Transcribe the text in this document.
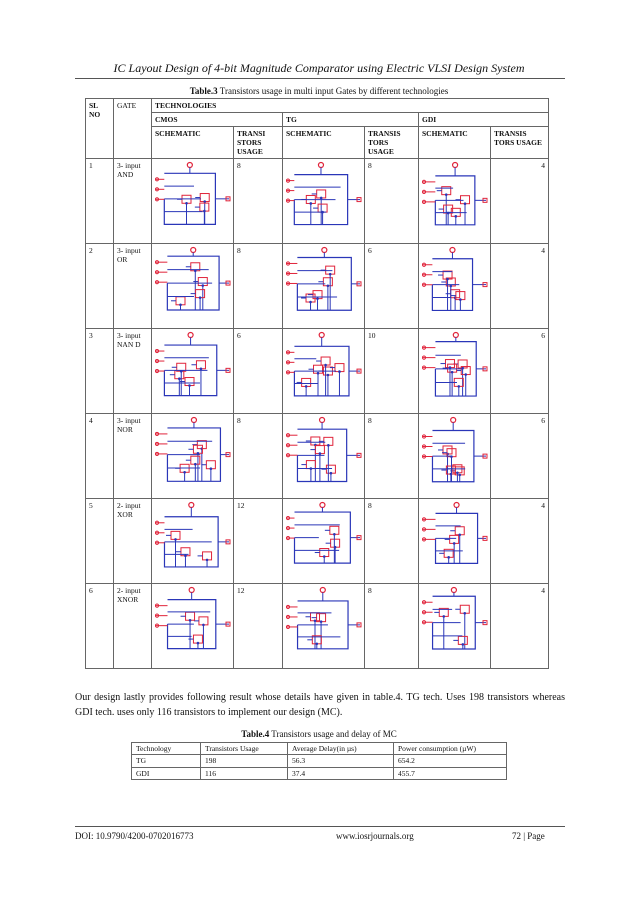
IC Layout Design of 4-bit Magnitude Comparator using Electric VLSI Design System
Table.3 Transistors usage in multi input Gates by different technologies
SL NO	GATE	TECHNOLOGIES					
		CMOS		TG		GDI	
		SCHEMATIC	TRANSI STORS USAGE	SCHEMATIC	TRANSIS TORS USAGE	SCHEMATIC	TRANSIS TORS USAGE
1	3- input AND		8		8		4
2	3- input OR		8		6		4
3	3- input NAN D		6		10		6
4	3- input NOR		8		8		6
5	2- input XOR		12		8		4
6	2- input XNOR		12		8		4
Our design lastly provides following result whose details have given in table.4. TG tech. Uses 198 transistors whereas GDI tech. uses only 116 transistors to implement our design (MC).
Table.4 Transistors usage and delay of MC
Technology	Transistors Usage	Average Delay(in µs)	Power consumption (µW)
TG	198	56.3	654.2
GDI	116	37.4	455.7
DOI: 10.9790/4200-0702016773	www.iosrjournals.org	72 | Page
